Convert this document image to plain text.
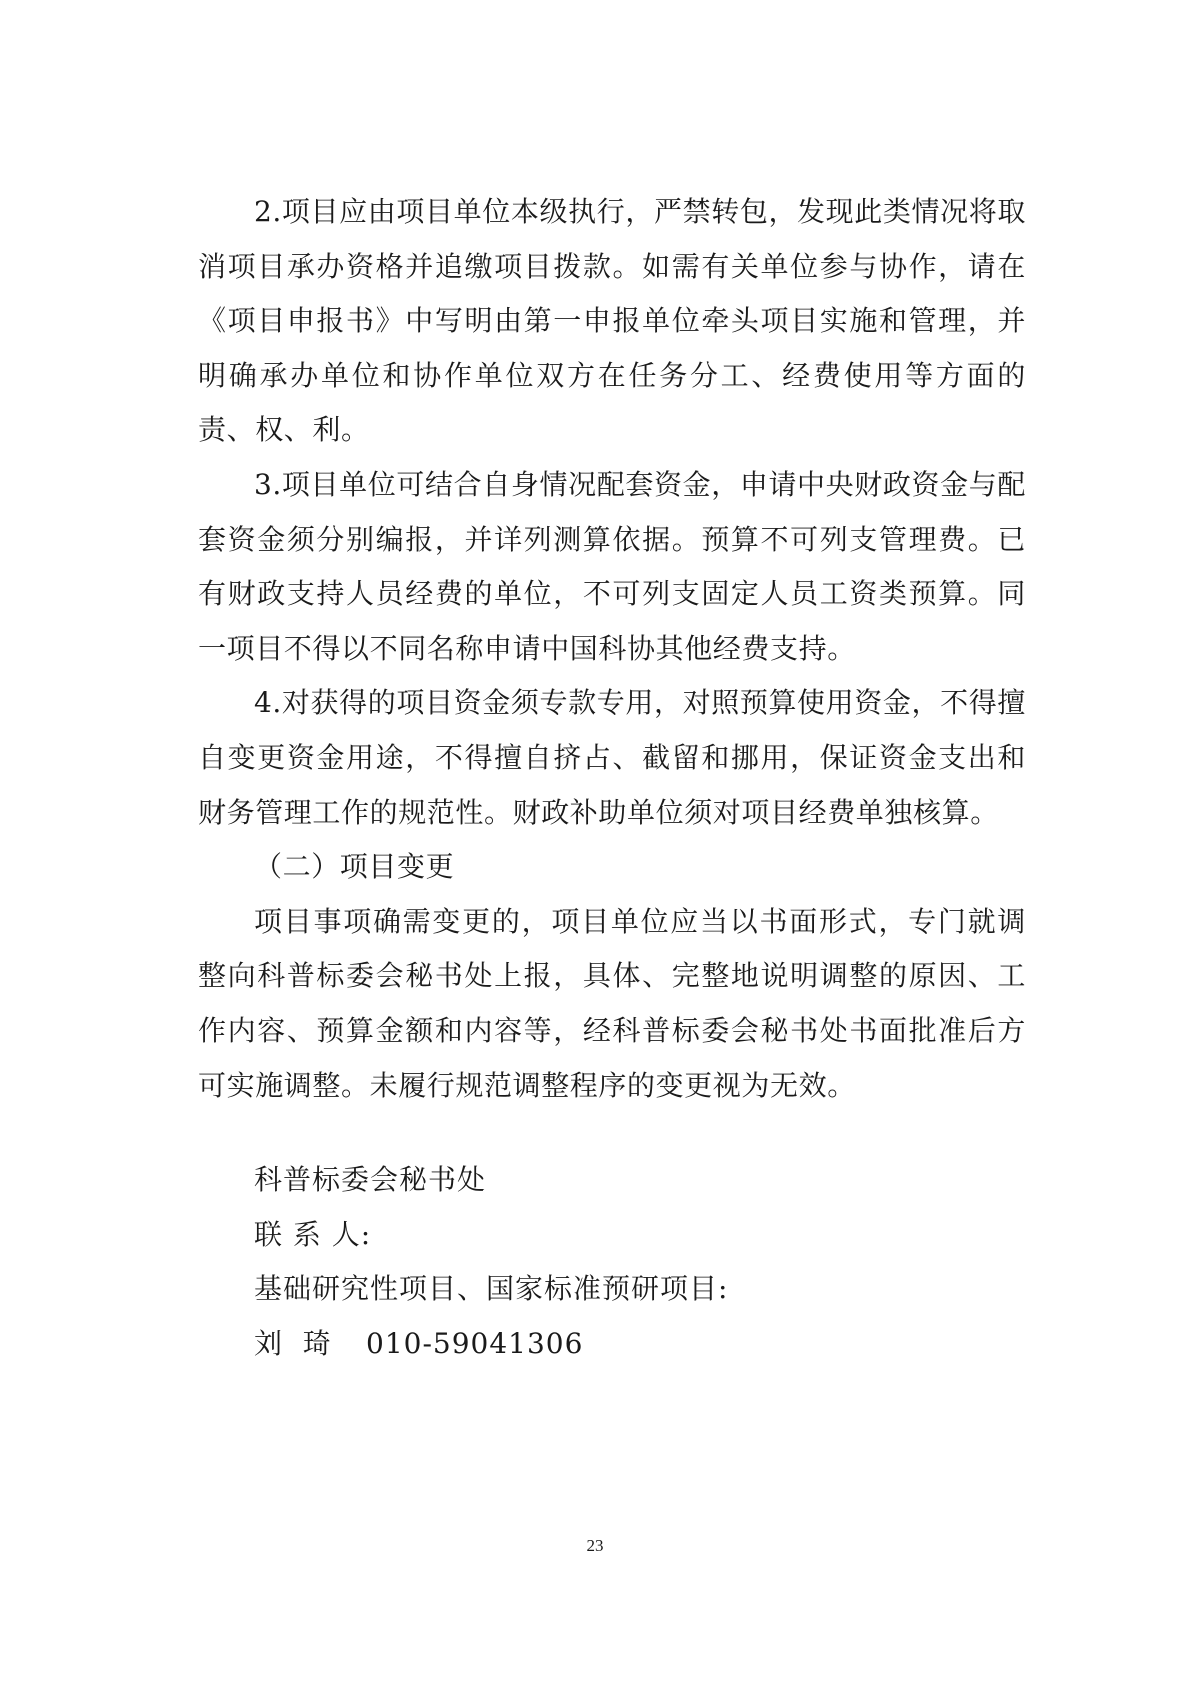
2.项目应由项目单位本级执行，严禁转包，发现此类情况将取消项目承办资格并追缴项目拨款。如需有关单位参与协作，请在《项目申报书》中写明由第一申报单位牵头项目实施和管理，并明确承办单位和协作单位双方在任务分工、经费使用等方面的责、权、利。

3.项目单位可结合自身情况配套资金，申请中央财政资金与配套资金须分别编报，并详列测算依据。预算不可列支管理费。已有财政支持人员经费的单位，不可列支固定人员工资类预算。同一项目不得以不同名称申请中国科协其他经费支持。

4.对获得的项目资金须专款专用，对照预算使用资金，不得擅自变更资金用途，不得擅自挤占、截留和挪用，保证资金支出和财务管理工作的规范性。财政补助单位须对项目经费单独核算。

（二）项目变更

项目事项确需变更的，项目单位应当以书面形式，专门就调整向科普标委会秘书处上报，具体、完整地说明调整的原因、工作内容、预算金额和内容等，经科普标委会秘书处书面批准后方可实施调整。未履行规范调整程序的变更视为无效。

科普标委会秘书处

联 系 人:

基础研究性项目、国家标准预研项目:

刘  琦 010-59041306

23
